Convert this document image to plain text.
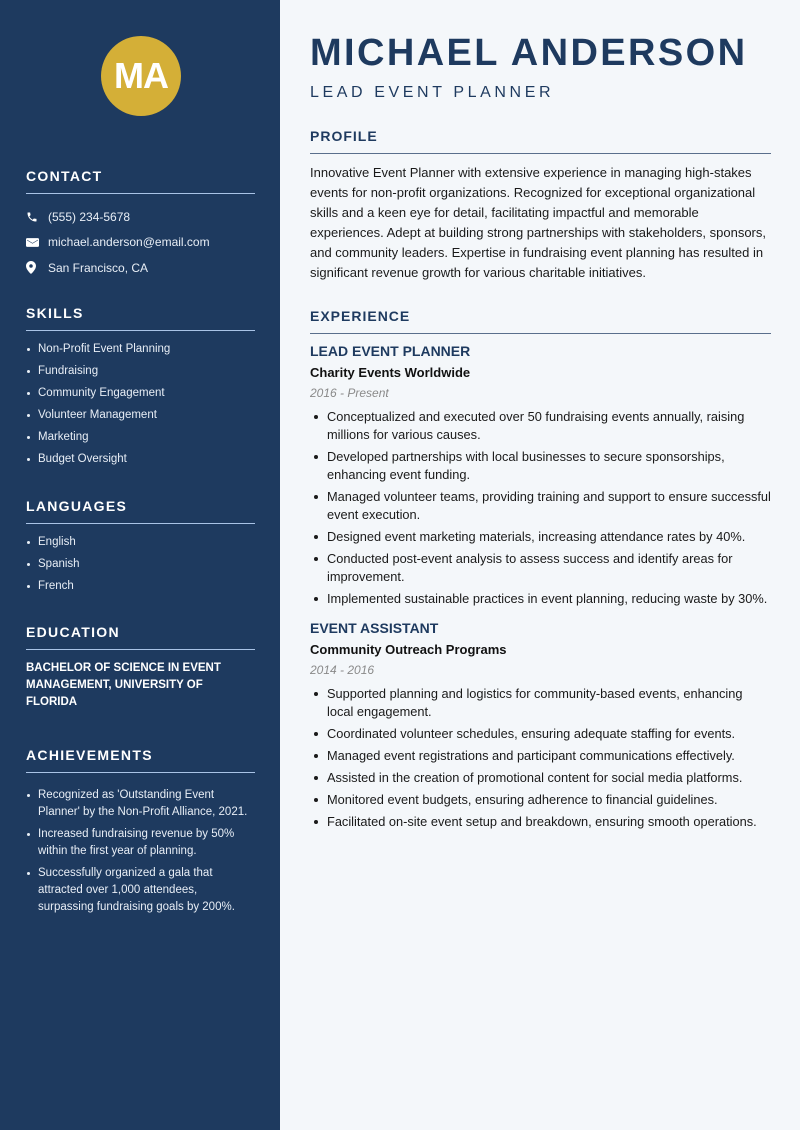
MA
CONTACT
(555) 234-5678
michael.anderson@email.com
San Francisco, CA
SKILLS
Non-Profit Event Planning
Fundraising
Community Engagement
Volunteer Management
Marketing
Budget Oversight
LANGUAGES
English
Spanish
French
EDUCATION
BACHELOR OF SCIENCE IN EVENT MANAGEMENT, UNIVERSITY OF FLORIDA
ACHIEVEMENTS
Recognized as 'Outstanding Event Planner' by the Non-Profit Alliance, 2021.
Increased fundraising revenue by 50% within the first year of planning.
Successfully organized a gala that attracted over 1,000 attendees, surpassing fundraising goals by 200%.
MICHAEL ANDERSON
LEAD EVENT PLANNER
PROFILE

Innovative Event Planner with extensive experience in managing high-stakes events for non-profit organizations. Recognized for exceptional organizational skills and a keen eye for detail, facilitating impactful and memorable experiences. Adept at building strong partnerships with stakeholders, sponsors, and community leaders. Expertise in fundraising event planning has resulted in significant revenue growth for various charitable initiatives.

EXPERIENCE
LEAD EVENT PLANNER
Charity Events Worldwide
2016 - Present
Conceptualized and executed over 50 fundraising events annually, raising millions for various causes.
Developed partnerships with local businesses to secure sponsorships, enhancing event funding.
Managed volunteer teams, providing training and support to ensure successful event execution.
Designed event marketing materials, increasing attendance rates by 40%.
Conducted post-event analysis to assess success and identify areas for improvement.
Implemented sustainable practices in event planning, reducing waste by 30%.
EVENT ASSISTANT
Community Outreach Programs
2014 - 2016
Supported planning and logistics for community-based events, enhancing local engagement.
Coordinated volunteer schedules, ensuring adequate staffing for events.
Managed event registrations and participant communications effectively.
Assisted in the creation of promotional content for social media platforms.
Monitored event budgets, ensuring adherence to financial guidelines.
Facilitated on-site event setup and breakdown, ensuring smooth operations.
